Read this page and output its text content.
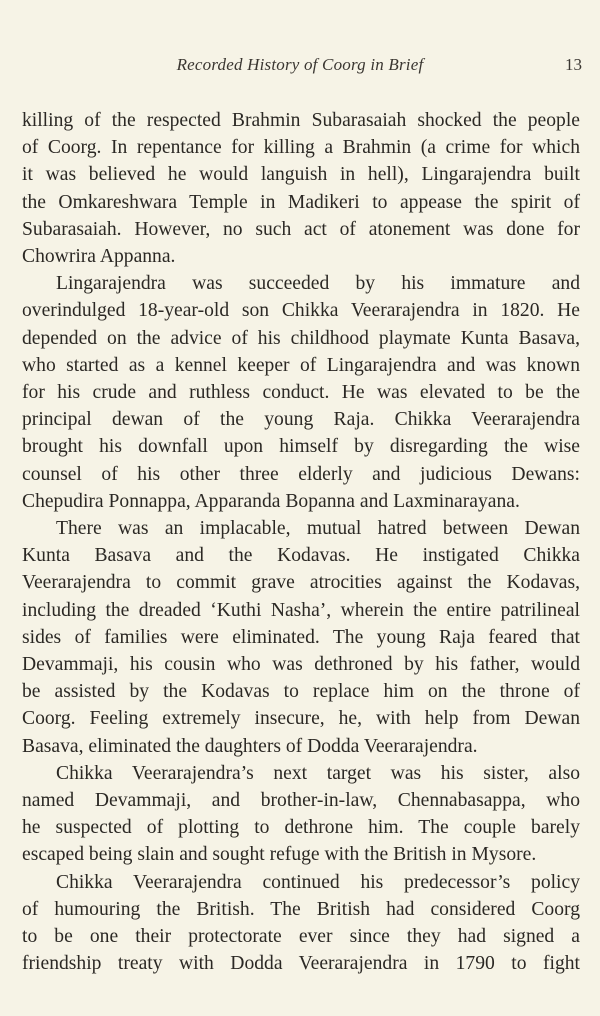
Recorded History of Coorg in Brief	13

killing of the respected Brahmin Subarasaiah shocked the people
of Coorg. In repentance for killing a Brahmin (a crime for which
it was believed he would languish in hell), Lingarajendra built
the Omkareshwara Temple in Madikeri to appease the spirit of
Subarasaiah. However, no such act of atonement was done for
Chowrira Appanna.

Lingarajendra was succeeded by his immature and
overindulged 18-year-old son Chikka Veerarajendra in 1820. He
depended on the advice of his childhood playmate Kunta Basava,
who started as a kennel keeper of Lingarajendra and was known
for his crude and ruthless conduct. He was elevated to be the
principal dewan of the young Raja. Chikka Veerarajendra
brought his downfall upon himself by disregarding the wise
counsel of his other three elderly and judicious Dewans:
Chepudira Ponnappa, Apparanda Bopanna and Laxminarayana.

There was an implacable, mutual hatred between Dewan
Kunta Basava and the Kodavas. He instigated Chikka
Veerarajendra to commit grave atrocities against the Kodavas,
including the dreaded ‘Kuthi Nasha’, wherein the entire patrilineal
sides of families were eliminated. The young Raja feared that
Devammaji, his cousin who was dethroned by his father, would
be assisted by the Kodavas to replace him on the throne of
Coorg. Feeling extremely insecure, he, with help from Dewan
Basava, eliminated the daughters of Dodda Veerarajendra.

Chikka Veerarajendra’s next target was his sister, also
named Devammaji, and brother-in-law, Chennabasappa, who
he suspected of plotting to dethrone him. The couple barely
escaped being slain and sought refuge with the British in Mysore.

Chikka Veerarajendra continued his predecessor’s policy
of humouring the British. The British had considered Coorg
to be one their protectorate ever since they had signed a
friendship treaty with Dodda Veerarajendra in 1790 to fight
